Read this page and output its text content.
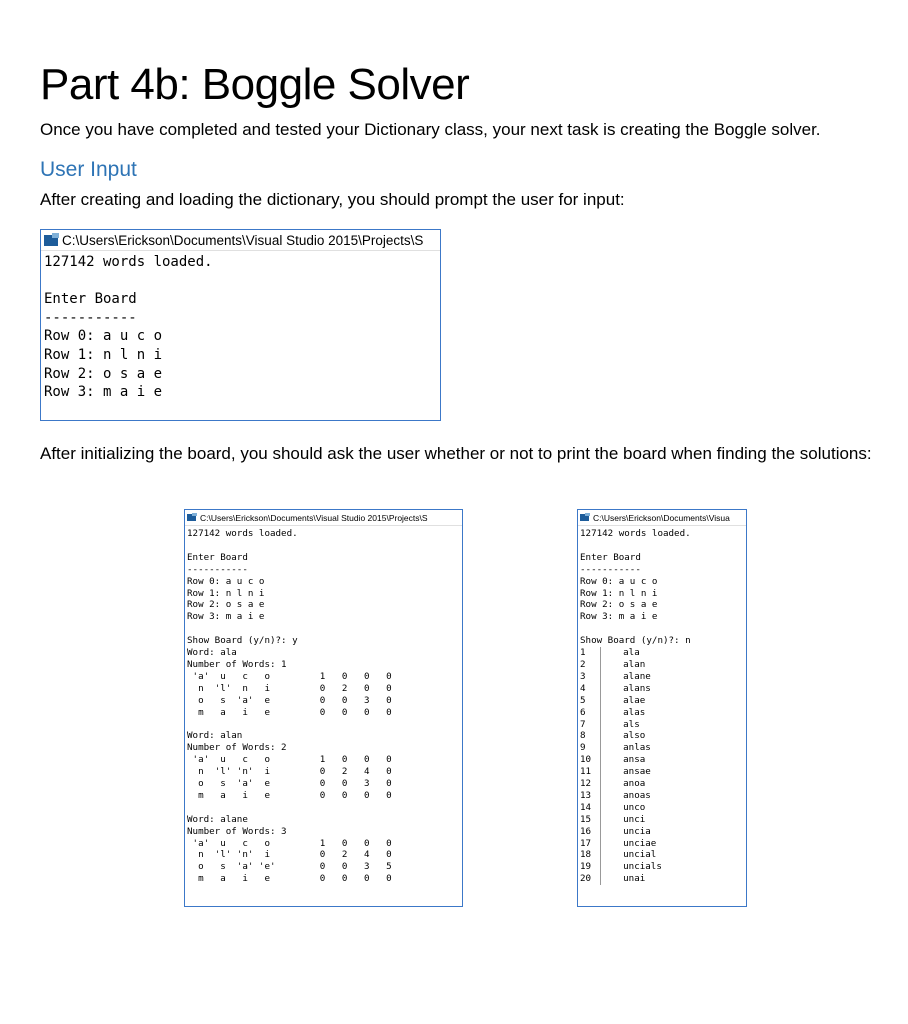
Part 4b: Boggle Solver

Once you have completed and tested your Dictionary class, your next task is creating the Boggle solver.

User Input

After creating and loading the dictionary, you should prompt the user for input:

C:\Users\Erickson\Documents\Visual Studio 2015\Projects\S
127142 words loaded.

Enter Board
-----------
Row 0: a u c o
Row 1: n l n i
Row 2: o s a e
Row 3: m a i e

After initializing the board, you should ask the user whether or not to print the board when finding the solutions:

C:\Users\Erickson\Documents\Visual Studio 2015\Projects\S
127142 words loaded.

Enter Board
-----------
Row 0: a u c o
Row 1: n l n i
Row 2: o s a e
Row 3: m a i e

Show Board (y/n)?: y
Word: ala
Number of Words: 1
'a'  u   c   o         1   0   0   0
n  'l'  n   i         0   2   0   0
o   s  'a'  e         0   0   3   0
m   a   i   e         0   0   0   0

Word: alan
Number of Words: 2
'a'  u   c   o         1   0   0   0
n  'l' 'n'  i         0   2   4   0
o   s  'a'  e         0   0   3   0
m   a   i   e         0   0   0   0

Word: alane
Number of Words: 3
'a'  u   c   o         1   0   0   0
n  'l' 'n'  i         0   2   4   0
o   s  'a' 'e'        0   0   3   5
m   a   i   e         0   0   0   0
C:\Users\Erickson\Documents\Visua
127142 words loaded.

Enter Board
-----------
Row 0: a u c o
Row 1: n l n i
Row 2: o s a e
Row 3: m a i e

Show Board (y/n)?: n
1	ala
2	alan
3	alane
4	alans
5	alae
6	alas
7	als
8	also
9	anlas
10	ansa
11	ansae
12	anoa
13	anoas
14	unco
15	unci
16	uncia
17	unciae
18	uncial
19	uncials
20	unai
